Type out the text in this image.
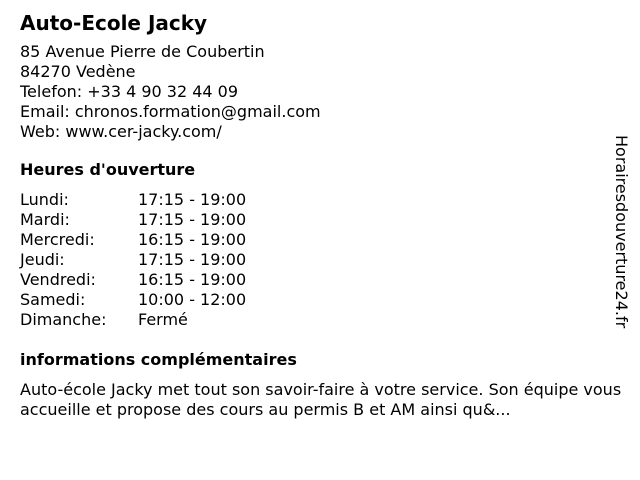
Auto-Ecole Jacky
85 Avenue Pierre de Coubertin
84270 Vedène
Telefon: +33 4 90 32 44 09
Email: chronos.formation@gmail.com
Web: www.cer-jacky.com/
Heures d'ouverture
Lundi:	17:15 - 19:00
Mardi:	17:15 - 19:00
Mercredi:	16:15 - 19:00
Jeudi:	17:15 - 19:00
Vendredi:	16:15 - 19:00
Samedi:	10:00 - 12:00
Dimanche: Fermé
informations complémentaires
Auto-école Jacky met tout son savoir-faire à votre service. Son équipe vous accueille et propose des cours au permis B et AM ainsi qu&...
Horairesdouverture24.fr
